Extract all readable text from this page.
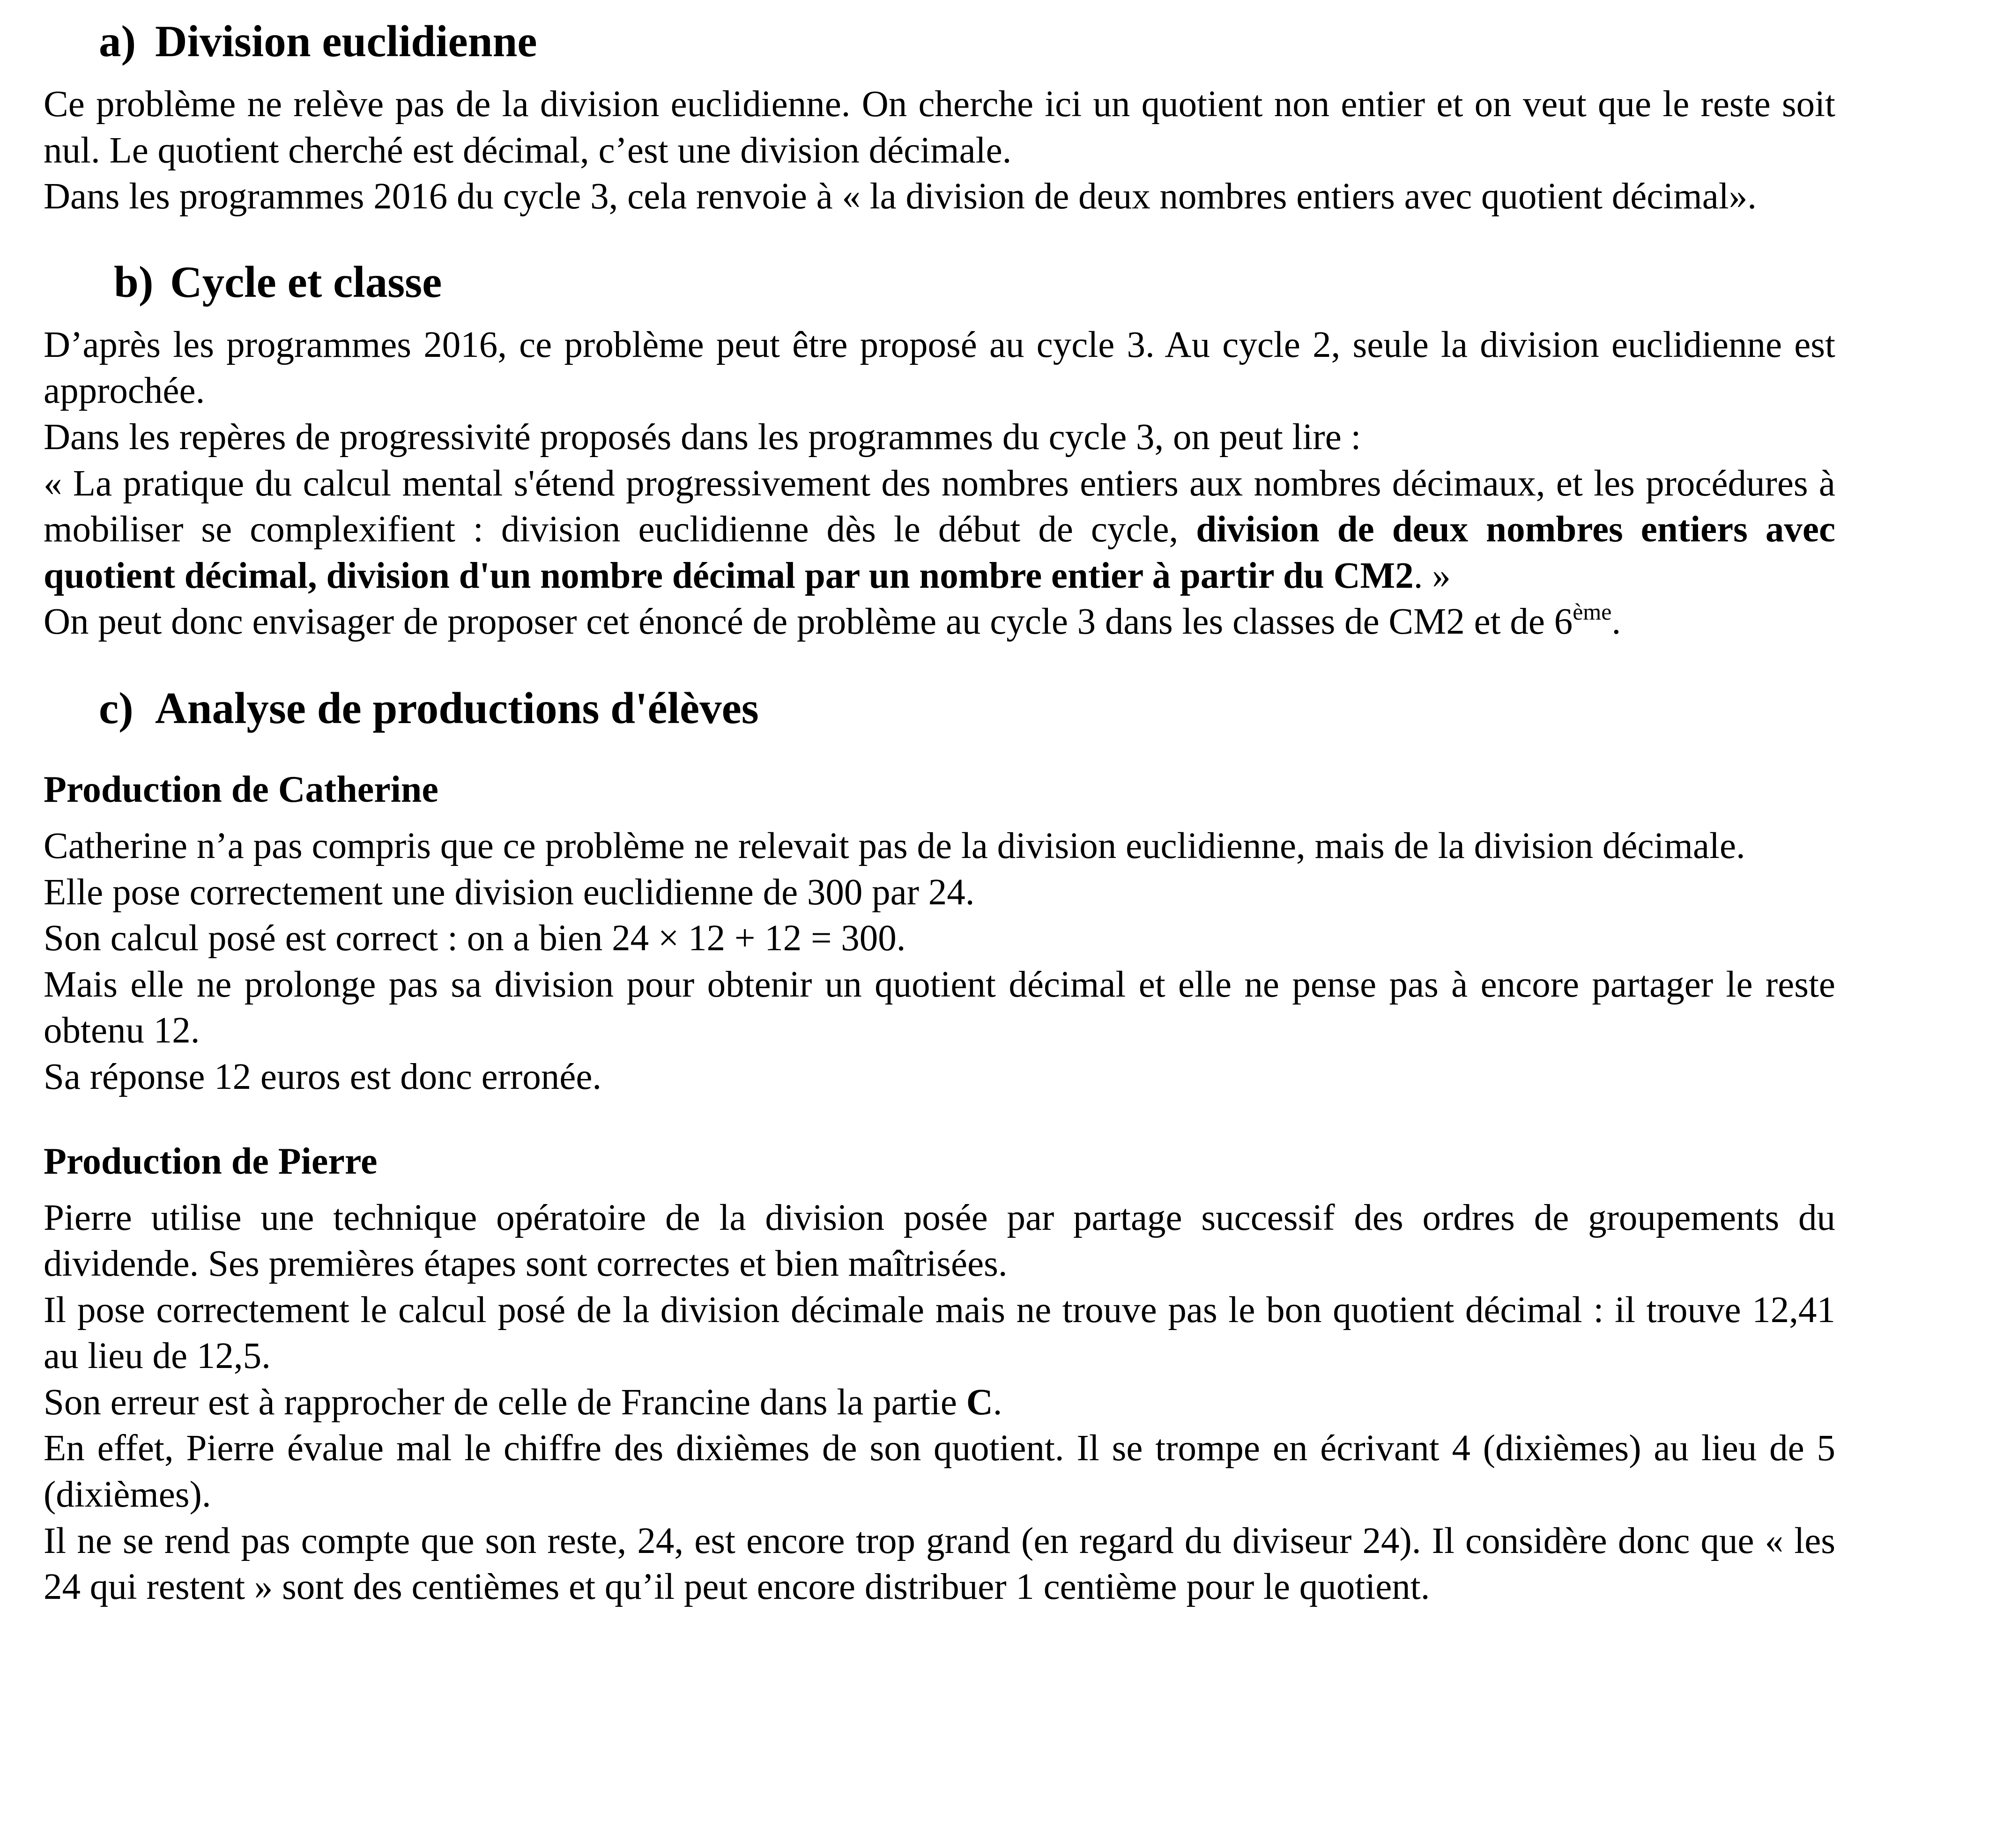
a) Division euclidienne

Ce problème ne relève pas de la division euclidienne. On cherche ici un quotient non entier et on veut que le reste soit nul. Le quotient cherché est décimal, c’est une division décimale.

Dans les programmes 2016 du cycle 3, cela renvoie à « la division de deux nombres entiers avec quotient décimal».

b) Cycle et classe

D’après les programmes 2016, ce problème peut être proposé au cycle 3. Au cycle 2, seule la division euclidienne est approchée.

Dans les repères de progressivité proposés dans les programmes du cycle 3, on peut lire :

« La pratique du calcul mental s'étend progressivement des nombres entiers aux nombres décimaux, et les procédures à mobiliser se complexifient : division euclidienne dès le début de cycle, division de deux nombres entiers avec quotient décimal, division d'un nombre décimal par un nombre entier à partir du CM2. »

On peut donc envisager de proposer cet énoncé de problème au cycle 3 dans les classes de CM2 et de 6ème.

c) Analyse de productions d'élèves
Production de Catherine

Catherine n’a pas compris que ce problème ne relevait pas de la division euclidienne, mais de la division décimale.

Elle pose correctement une division euclidienne de 300 par 24.

Son calcul posé est correct : on a bien 24 × 12 + 12 = 300.

Mais elle ne prolonge pas sa division pour obtenir un quotient décimal et elle ne pense pas à encore partager le reste obtenu 12.

Sa réponse 12 euros est donc erronée.

Production de Pierre

Pierre utilise une technique opératoire de la division posée par partage successif des ordres de groupements du dividende. Ses premières étapes sont correctes et bien maîtrisées.

Il pose correctement le calcul posé de la division décimale mais ne trouve pas le bon quotient décimal : il trouve 12,41 au lieu de 12,5.

Son erreur est à rapprocher de celle de Francine dans la partie C.

En effet, Pierre évalue mal le chiffre des dixièmes de son quotient. Il se trompe en écrivant 4 (dixièmes) au lieu de 5 (dixièmes).

Il ne se rend pas compte que son reste, 24, est encore trop grand (en regard du diviseur 24). Il considère donc que « les 24 qui restent » sont des centièmes et qu’il peut encore distribuer 1 centième pour le quotient.
